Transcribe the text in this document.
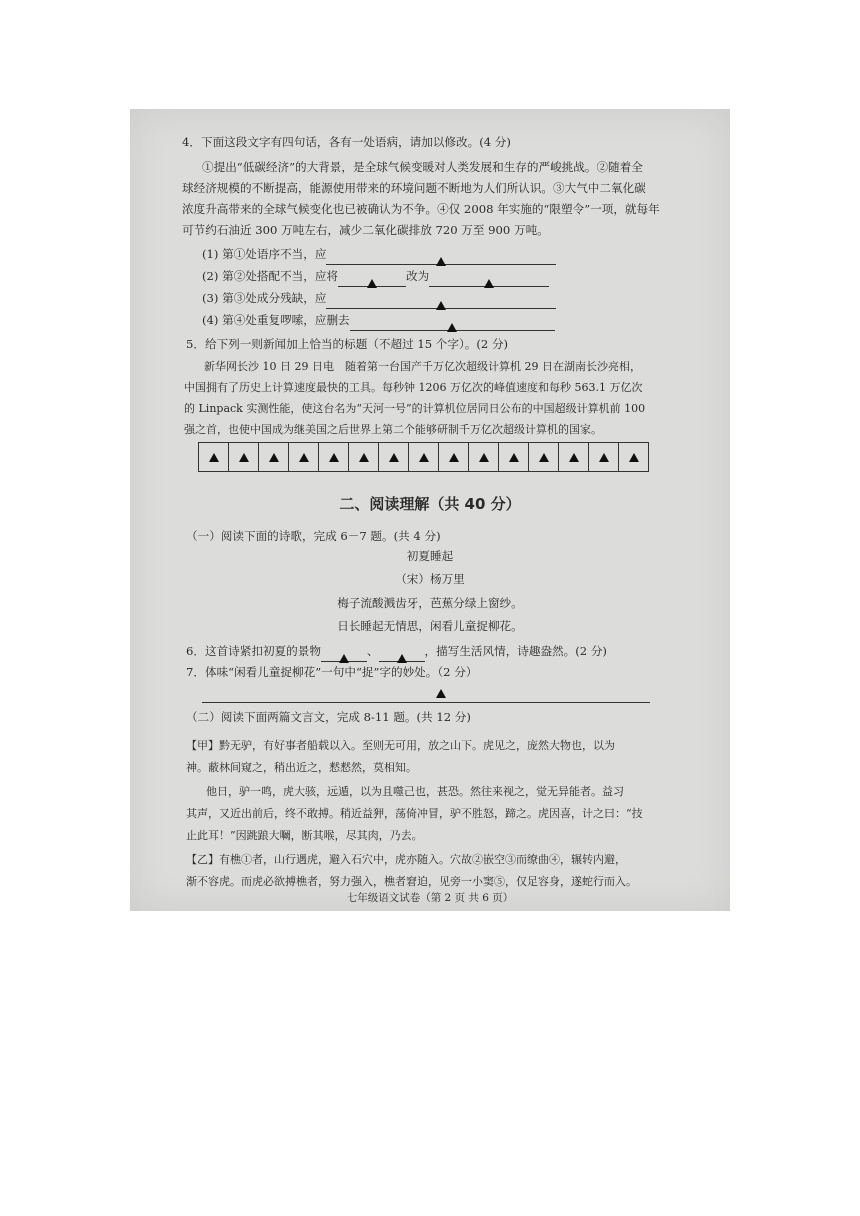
4．下面这段文字有四句话，各有一处语病，请加以修改。(4 分)
①提出“低碳经济”的大背景，是全球气候变暖对人类发展和生存的严峻挑战。②随着全
球经济规模的不断提高，能源使用带来的环境问题不断地为人们所认识。③大气中二氧化碳
浓度升高带来的全球气候变化也已被确认为不争。④仅 2008 年实施的“限塑令”一项，就每年
可节约石油近 300 万吨左右，减少二氧化碳排放 720 万至 900 万吨。
(1) 第①处语序不当，应
(2) 第②处搭配不当，应将	改为
(3) 第③处成分残缺，应
(4) 第④处重复啰嗦，应删去
5．给下列一则新闻加上恰当的标题（不超过 15 个字）。(2 分)
新华网长沙 10 日 29 日电　随着第一台国产千万亿次超级计算机 29 日在湖南长沙亮相，
中国拥有了历史上计算速度最快的工具。每秒钟 1206 万亿次的峰值速度和每秒 563.1 万亿次
的 Linpack 实测性能，使这台名为“天河一号”的计算机位居同日公布的中国超级计算机前 100
强之首，也使中国成为继美国之后世界上第二个能够研制千万亿次超级计算机的国家。
二、阅读理解（共 40 分）
（一）阅读下面的诗歌，完成 6－7 题。(共 4 分)
初夏睡起
（宋）杨万里
梅子流酸溅齿牙，芭蕉分绿上窗纱。
日长睡起无情思，闲看儿童捉柳花。
6．这首诗紧扣初夏的景物	、	，描写生活风情，诗趣盎然。(2 分)
7．体味“闲看儿童捉柳花”一句中“捉”字的妙处。（2 分）
（二）阅读下面两篇文言文，完成 8-11 题。(共 12 分)
【甲】黔无驴，有好事者船载以入。至则无可用，放之山下。虎见之，庞然大物也，以为
神。蔽林间窥之，稍出近之，慭慭然，莫相知。
他日，驴一鸣，虎大骇，远遁，以为且噬己也，甚恐。然往来视之，觉无异能者。益习
其声，又近出前后，终不敢搏。稍近益狎，荡倚冲冒，驴不胜怒，蹄之。虎因喜，计之曰：“技
止此耳！”因跳踉大㘎，断其喉，尽其肉，乃去。
【乙】有樵①者，山行遇虎，避入石穴中，虎亦随入。穴故②嵌空③而缭曲④，辗转内避，
渐不容虎。而虎必欲搏樵者，努力强入，樵者窘迫，见旁一小窦⑤，仅足容身，遂蛇行而入。
七年级语文试卷（第 2 页 共 6 页）
